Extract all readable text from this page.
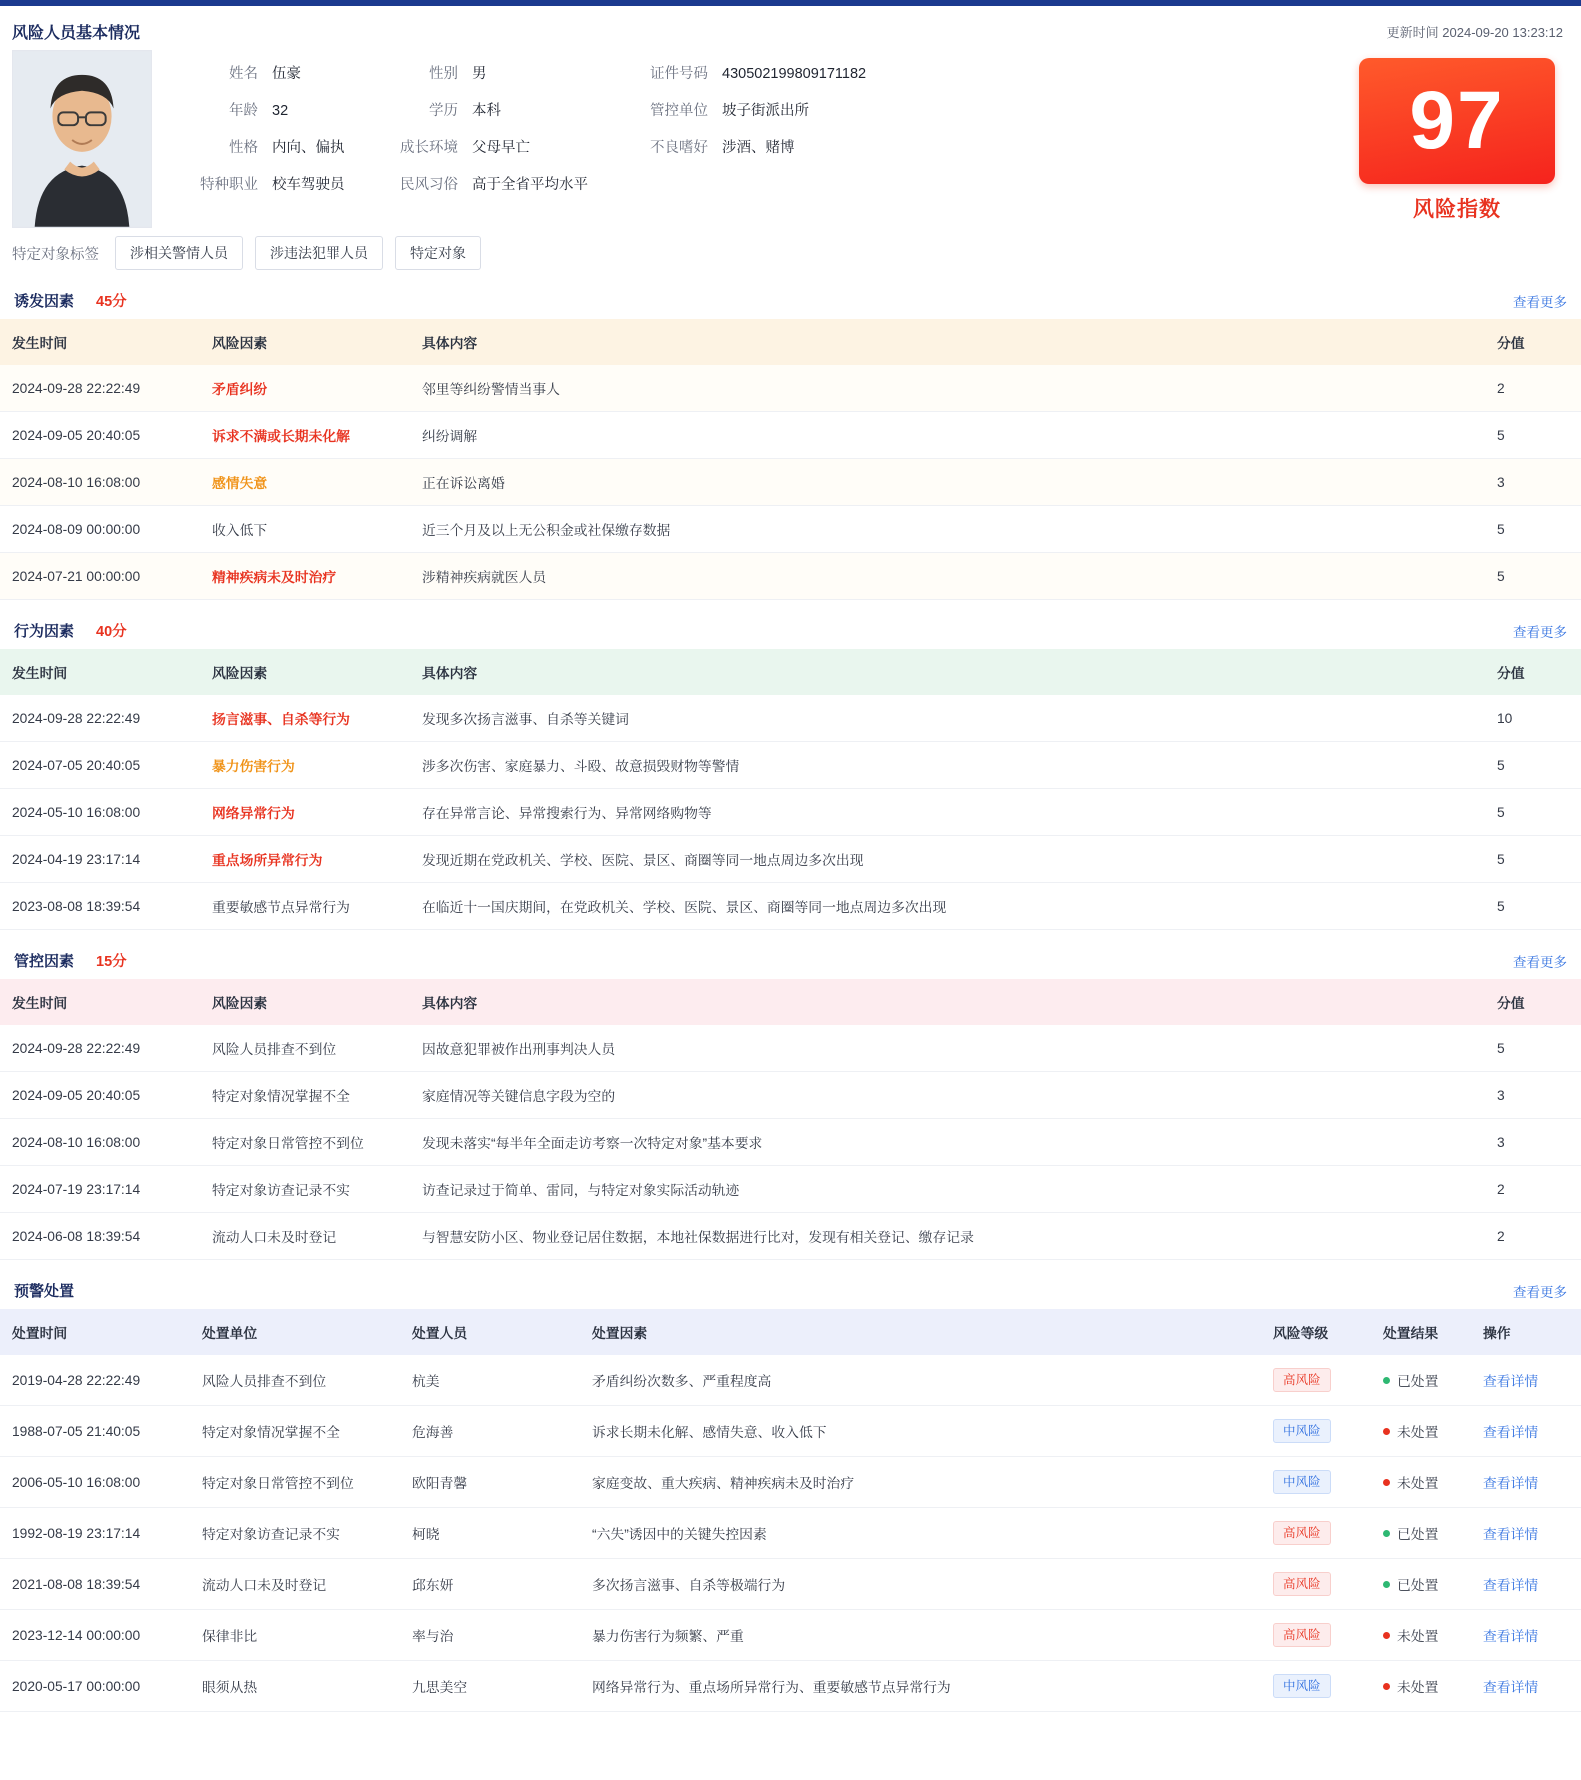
风险人员基本情况	更新时间 2024-09-20 13:23:12
姓名 伍豪	性别 男	证件号码 430502199809171182
年龄 32	学历 本科	管控单位 坡子街派出所
性格 内向、偏执	成长环境 父母早亡	不良嗜好 涉酒、赌博
特种职业 校车驾驶员	民风习俗 高于全省平均水平
97
风险指数
特定对象标签	涉相关警情人员	涉违法犯罪人员	特定对象
诱发因素 45分	查看更多
发生时间	风险因素	具体内容	分值
2024-09-28 22:22:49	矛盾纠纷	邻里等纠纷警情当事人	2
2024-09-05 20:40:05	诉求不满或长期未化解	纠纷调解	5
2024-08-10 16:08:00	感情失意	正在诉讼离婚	3
2024-08-09 00:00:00	收入低下	近三个月及以上无公积金或社保缴存数据	5
2024-07-21 00:00:00	精神疾病未及时治疗	涉精神疾病就医人员	5
行为因素 40分	查看更多
发生时间	风险因素	具体内容	分值
2024-09-28 22:22:49	扬言滋事、自杀等行为	发现多次扬言滋事、自杀等关键词	10
2024-07-05 20:40:05	暴力伤害行为	涉多次伤害、家庭暴力、斗殴、故意损毁财物等警情	5
2024-05-10 16:08:00	网络异常行为	存在异常言论、异常搜索行为、异常网络购物等	5
2024-04-19 23:17:14	重点场所异常行为	发现近期在党政机关、学校、医院、景区、商圈等同一地点周边多次出现	5
2023-08-08 18:39:54	重要敏感节点异常行为	在临近十一国庆期间，在党政机关、学校、医院、景区、商圈等同一地点周边多次出现	5
管控因素 15分	查看更多
发生时间	风险因素	具体内容	分值
2024-09-28 22:22:49	风险人员排查不到位	因故意犯罪被作出刑事判决人员	5
2024-09-05 20:40:05	特定对象情况掌握不全	家庭情况等关键信息字段为空的	3
2024-08-10 16:08:00	特定对象日常管控不到位	发现未落实“每半年全面走访考察一次特定对象”基本要求	3
2024-07-19 23:17:14	特定对象访查记录不实	访查记录过于简单、雷同，与特定对象实际活动轨迹	2
2024-06-08 18:39:54	流动人口未及时登记	与智慧安防小区、物业登记居住数据，本地社保数据进行比对，发现有相关登记、缴存记录	2
预警处置	查看更多
处置时间	处置单位	处置人员	处置因素	风险等级	处置结果	操作
2019-04-28 22:22:49	风险人员排查不到位	杭美	矛盾纠纷次数多、严重程度高	高风险	已处置	查看详情
1988-07-05 21:40:05	特定对象情况掌握不全	危海善	诉求长期未化解、感情失意、收入低下	中风险	未处置	查看详情
2006-05-10 16:08:00	特定对象日常管控不到位	欧阳青馨	家庭变故、重大疾病、精神疾病未及时治疗	中风险	未处置	查看详情
1992-08-19 23:17:14	特定对象访查记录不实	柯晓	“六失”诱因中的关键失控因素	高风险	已处置	查看详情
2021-08-08 18:39:54	流动人口未及时登记	邱东妍	多次扬言滋事、自杀等极端行为	高风险	已处置	查看详情
2023-12-14 00:00:00	保律非比	率与治	暴力伤害行为频繁、严重	高风险	未处置	查看详情
2020-05-17 00:00:00	眼须从热	九思美空	网络异常行为、重点场所异常行为、重要敏感节点异常行为	中风险	未处置	查看详情
